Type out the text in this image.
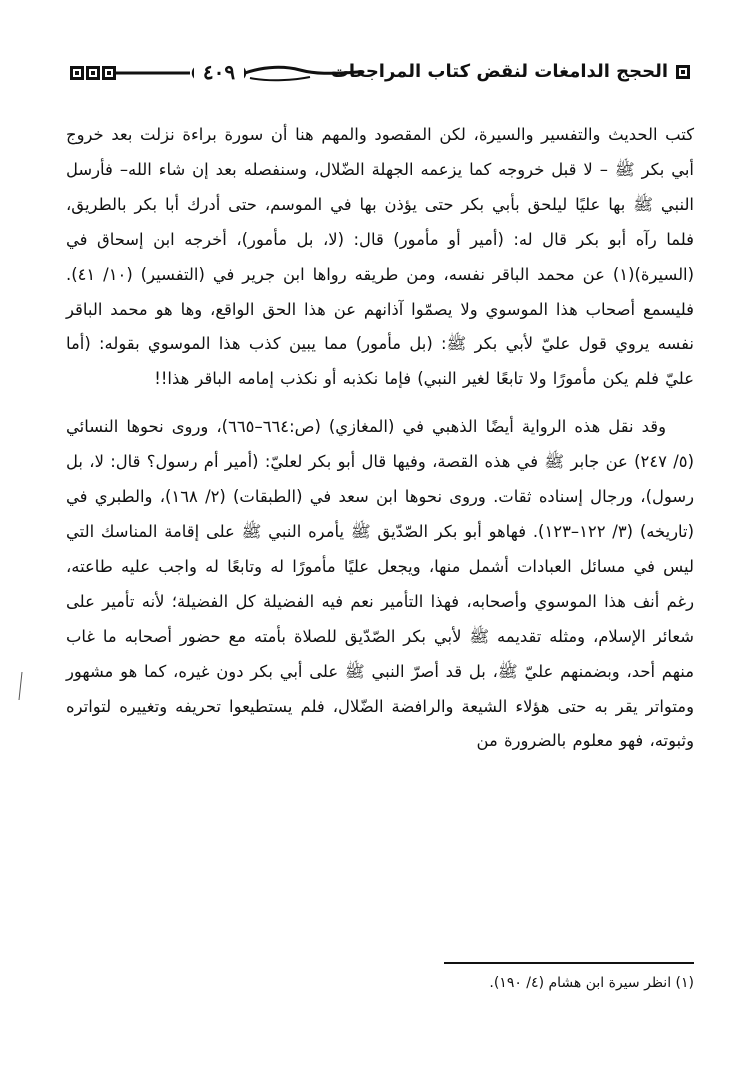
٤٠٩	الحجج الدامغات لنقض كتاب المراجعات

كتب الحديث والتفسير والسيرة، لكن المقصود والمهم هنا أن سورة براءة نزلت بعد خروج أبي بكر ﷺ – لا قبل خروجه كما يزعمه الجهلة الضّلال، وسنفصله بعد إن شاء الله– فأرسل النبي ﷺ بها عليًا ليلحق بأبي بكر حتى يؤذن بها في الموسم، حتى أدرك أبا بكر بالطريق، فلما رآه أبو بكر قال له: (أمير أو مأمور) قال: (لا، بل مأمور)، أخرجه ابن إسحاق في (السيرة)(١) عن محمد الباقر نفسه، ومن طريقه رواها ابن جرير في (التفسير) (١٠/ ٤١). فليسمع أصحاب هذا الموسوي ولا يصمّوا آذانهم عن هذا الحق الواقع، وها هو محمد الباقر نفسه يروي قول عليّ لأبي بكر ﷺ: (بل مأمور) مما يبين كذب هذا الموسوي بقوله: (أما عليّ فلم يكن مأمورًا ولا تابعًا لغير النبي) فإما نكذبه أو نكذب إمامه الباقر هذا!!

وقد نقل هذه الرواية أيضًا الذهبي في (المغازي) (ص:٦٦٤–٦٦٥)، وروى نحوها النسائي (٥/ ٢٤٧) عن جابر ﷺ في هذه القصة، وفيها قال أبو بكر لعليّ: (أمير أم رسول؟ قال: لا، بل رسول)، ورجال إسناده ثقات. وروى نحوها ابن سعد في (الطبقات) (٢/ ١٦٨)، والطبري في (تاريخه) (٣/ ١٢٢–١٢٣). فهاهو أبو بكر الصّدّيق ﷺ يأمره النبي ﷺ على إقامة المناسك التي ليس في مسائل العبادات أشمل منها، ويجعل عليًا مأمورًا له وتابعًا له واجب عليه طاعته، رغم أنف هذا الموسوي وأصحابه، فهذا التأمير نعم فيه الفضيلة كل الفضيلة؛ لأنه تأمير على شعائر الإسلام، ومثله تقديمه ﷺ لأبي بكر الصّدّيق للصلاة بأمته مع حضور أصحابه ما غاب منهم أحد، وبضمنهم عليّ ﷺ، بل قد أصرّ النبي ﷺ على أبي بكر دون غيره، كما هو مشهور ومتواتر يقر به حتى هؤلاء الشيعة والرافضة الضّلال، فلم يستطيعوا تحريفه وتغييره لتواتره وثبوته، فهو معلوم بالضرورة من

(١) انظر سيرة ابن هشام (٤/ ١٩٠).
